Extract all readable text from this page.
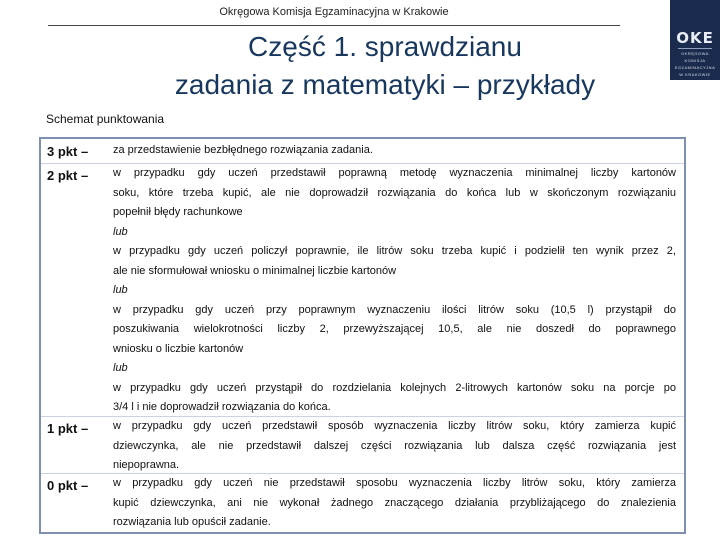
Okręgowa Komisja Egzaminacyjna w Krakowie
OKE
OKRĘGOWA
KOMISJA
EGZAMINACYJNA
W KRAKOWIE
Część 1. sprawdzianu
zadania z matematyki – przykłady
Schemat punktowania
3 pkt – za przedstawienie bezbłędnego rozwiązania zadania.
2 pkt – w przypadku gdy uczeń przedstawił poprawną metodę wyznaczenia minimalnej liczby kartonów
soku, które trzeba kupić, ale nie doprowadził rozwiązania do końca lub w skończonym rozwiązaniu
popełnił błędy rachunkowe
lub
w przypadku gdy uczeń policzył poprawnie, ile litrów soku trzeba kupić i podzielił ten wynik przez 2,
ale nie sformułował wniosku o minimalnej liczbie kartonów
lub
w przypadku gdy uczeń przy poprawnym wyznaczeniu ilości litrów soku (10,5 l) przystąpił do
poszukiwania wielokrotności liczby 2, przewyższającej 10,5, ale nie doszedł do poprawnego
wniosku o liczbie kartonów
lub
w przypadku gdy uczeń przystąpił do rozdzielania kolejnych 2-litrowych kartonów soku na porcje po
3/4 l i nie doprowadził rozwiązania do końca.
1 pkt – w przypadku gdy uczeń przedstawił sposób wyznaczenia liczby litrów soku, który zamierza kupić
dziewczynka, ale nie przedstawił dalszej części rozwiązania lub dalsza część rozwiązania jest
niepoprawna.
0 pkt – w przypadku gdy uczeń nie przedstawił sposobu wyznaczenia liczby litrów soku, który zamierza
kupić dziewczynka, ani nie wykonał żadnego znaczącego działania przybliżającego do znalezienia
rozwiązania lub opuścił zadanie.
